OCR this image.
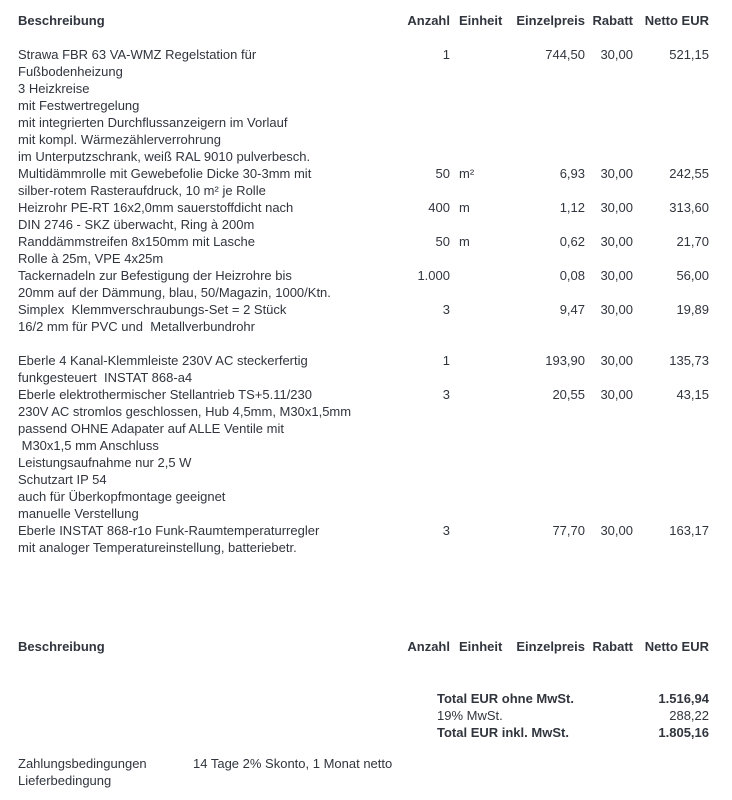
Beschreibung	Anzahl Einheit	Einzelpreis Rabatt Netto EUR
Strawa FBR 63 VA-WMZ Regelstation für	1	744,50	30,00	521,15
Fußbodenheizung
3 Heizkreise
mit Festwertregelung
mit integrierten Durchflussanzeigern im Vorlauf
mit kompl. Wärmezählerverrohrung
im Unterputzschrank, weiß RAL 9010 pulverbesch.
Multidämmrolle mit Gewebefolie Dicke 30-3mm mit	50 m²	6,93	30,00	242,55
silber-rotem Rasteraufdruck, 10 m² je Rolle
Heizrohr PE-RT 16x2,0mm sauerstoffdicht nach	400 m	1,12	30,00	313,60
DIN 2746 - SKZ überwacht, Ring à 200m
Randdämmstreifen 8x150mm mit Lasche	50 m	0,62	30,00	21,70
Rolle à 25m, VPE 4x25m
Tackernadeln zur Befestigung der Heizrohre bis	1.000	0,08	30,00	56,00
20mm auf der Dämmung, blau, 50/Magazin, 1000/Ktn.
Simplex  Klemmverschraubungs-Set = 2 Stück	3	9,47	30,00	19,89
16/2 mm für PVC und  Metallverbundrohr
Eberle 4 Kanal-Klemmleiste 230V AC steckerfertig	1	193,90	30,00	135,73
funkgesteuert  INSTAT 868-a4
Eberle elektrothermischer Stellantrieb TS+5.11/230	3	20,55	30,00	43,15
230V AC stromlos geschlossen, Hub 4,5mm, M30x1,5mm
passend OHNE Adapater auf ALLE Ventile mit
M30x1,5 mm Anschluss
Leistungsaufnahme nur 2,5 W
Schutzart IP 54
auch für Überkopfmontage geeignet
manuelle Verstellung
Eberle INSTAT 868-r1o Funk-Raumtemperaturregler	3	77,70	30,00	163,17
mit analoger Temperatureinstellung, batteriebetr.
Beschreibung	Anzahl Einheit	Einzelpreis Rabatt Netto EUR
Total EUR ohne MwSt.	1.516,94
19% MwSt.	288,22
Total EUR inkl. MwSt.	1.805,16
Zahlungsbedingungen	14 Tage 2% Skonto, 1 Monat netto
Lieferbedingung
